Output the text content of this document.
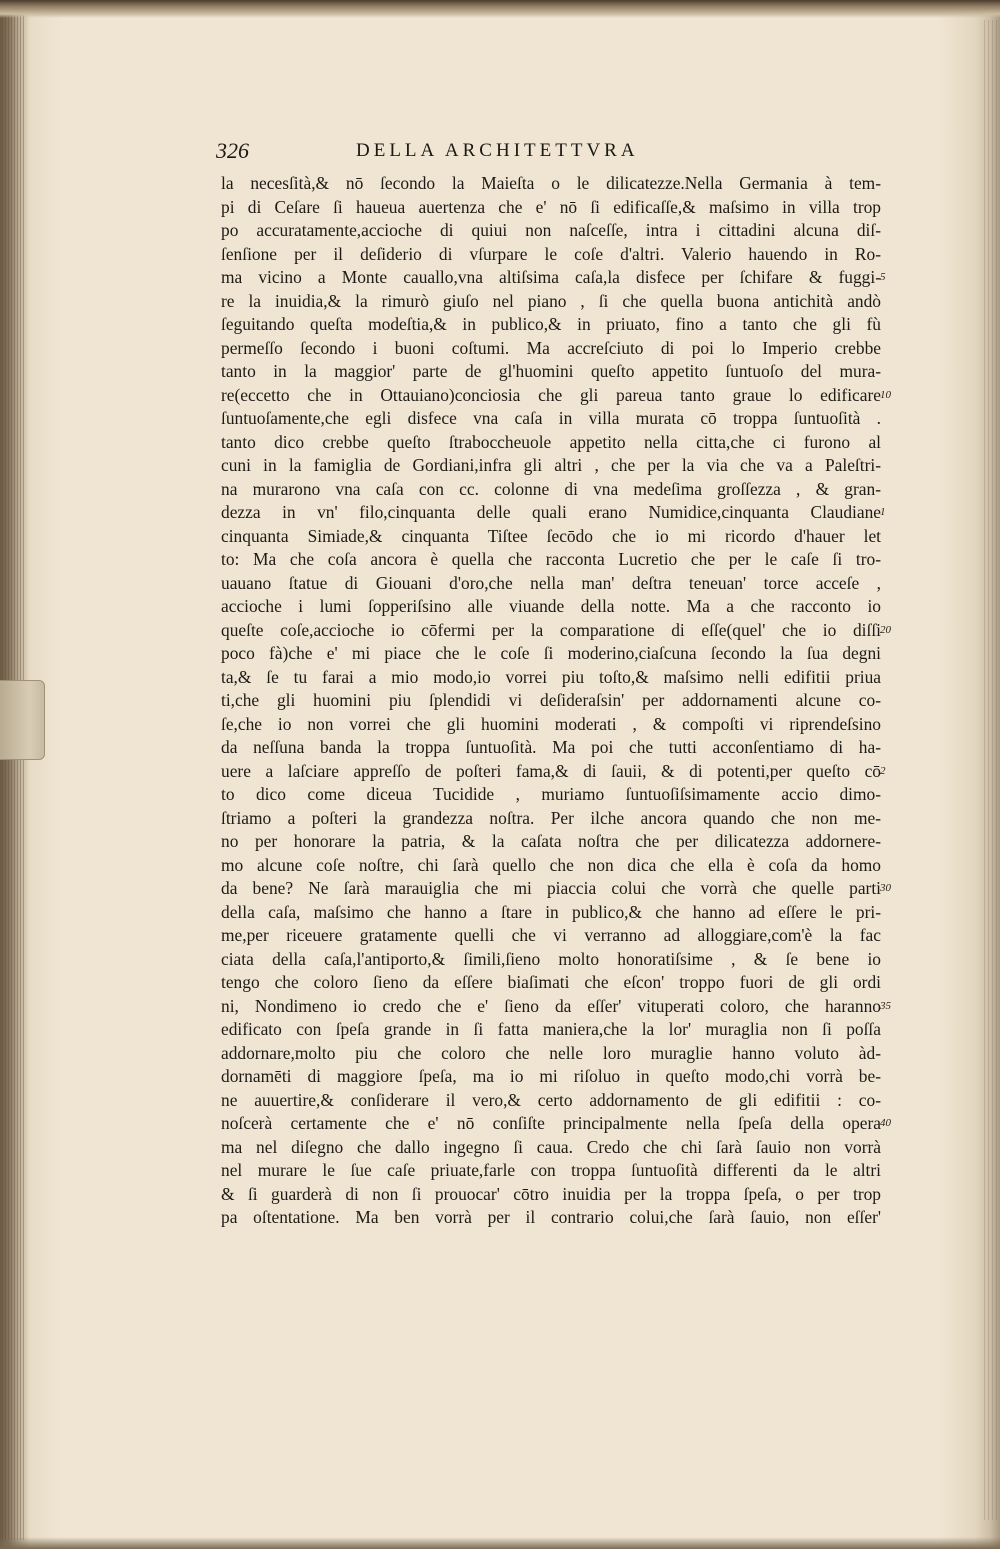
326	DELLA ARCHITETTVRA
la necesſità,& nō ſecondo la Maieſta o le dilicatezze.Nella Germania à tem-
pi di Ceſare ſi haueua auertenza che e' nō ſi edificaſſe,& maſsimo in villa trop
po accuratamente,accioche di quiui non naſceſſe, intra i cittadini alcuna diſ-
ſenſione per il deſiderio di vſurpare le coſe d'altri. Valerio hauendo in Ro-
ma vicino a Monte cauallo,vna altiſsima caſa,la disfece per ſchifare & fuggi-
re la inuidia,& la rimurò giuſo nel piano , ſi che quella buona antichità andò
ſeguitando queſta modeſtia,& in publico,& in priuato, fino a tanto che gli fù
permeſſo ſecondo i buoni coſtumi. Ma accreſciuto di poi lo Imperio crebbe
tanto in la maggior' parte de gl'huomini queſto appetito ſuntuoſo del mura-
re(eccetto che in Ottauiano)conciosia che gli pareua tanto graue lo edificare
ſuntuoſamente,che egli disfece vna caſa in villa murata cō troppa ſuntuoſità .
tanto dico crebbe queſto ſtraboccheuole appetito nella citta,che ci furono al
cuni in la famiglia de Gordiani,infra gli altri , che per la via che va a Paleſtri-
na murarono vna caſa con cc. colonne di vna medeſima groſſezza , & gran-
dezza in vn' filo,cinquanta delle quali erano Numidice,cinquanta Claudiane
cinquanta Simiade,& cinquanta Tiſtee ſecōdo che io mi ricordo d'hauer let
to: Ma che coſa ancora è quella che racconta Lucretio che per le caſe ſi tro-
uauano ſtatue di Giouani d'oro,che nella man' deſtra teneuan' torce acceſe ,
accioche i lumi ſopperiſsino alle viuande della notte. Ma a che racconto io
queſte coſe,accioche io cōfermi per la comparatione di eſſe(quel' che io diſſi
poco fà)che e' mi piace che le coſe ſi moderino,ciaſcuna ſecondo la ſua degni
ta,& ſe tu farai a mio modo,io vorrei piu toſto,& maſsimo nelli edifitii priua
ti,che gli huomini piu ſplendidi vi deſideraſsin' per addornamenti alcune co-
ſe,che io non vorrei che gli huomini moderati , & compoſti vi riprendeſsino
da neſſuna banda la troppa ſuntuoſità. Ma poi che tutti acconſentiamo di ha-
uere a laſciare appreſſo de poſteri fama,& di ſauii, & di potenti,per queſto cō
to dico come diceua Tucidide , muriamo ſuntuoſiſsimamente accio dimo-
ſtriamo a poſteri la grandezza noſtra. Per ilche ancora quando che non me-
no per honorare la patria, & la caſata noſtra che per dilicatezza addornere-
mo alcune coſe noſtre, chi ſarà quello che non dica che ella è coſa da homo
da bene? Ne ſarà marauiglia che mi piaccia colui che vorrà che quelle parti
della caſa, maſsimo che hanno a ſtare in publico,& che hanno ad eſſere le pri-
me,per riceuere gratamente quelli che vi verranno ad alloggiare,com'è la fac
ciata della caſa,l'antiporto,& ſimili,ſieno molto honoratiſsime , & ſe bene io
tengo che coloro ſieno da eſſere biaſimati che eſcon' troppo fuori de gli ordi
ni, Nondimeno io credo che e' ſieno da eſſer' vituperati coloro, che haranno
edificato con ſpeſa grande in ſi fatta maniera,che la lor' muraglia non ſi poſſa
addornare,molto piu che coloro che nelle loro muraglie hanno voluto àd-
dornamēti di maggiore ſpeſa, ma io mi riſoluo in queſto modo,chi vorrà be-
ne auuertire,& conſiderare il vero,& certo addornamento de gli edifitii : co-
noſcerà certamente che e' nō conſiſte principalmente nella ſpeſa della opera
ma nel diſegno che dallo ingegno ſi caua. Credo che chi ſarà ſauio non vorrà
nel murare le ſue caſe priuate,farle con troppa ſuntuoſità differenti da le altri
& ſi guarderà di non ſi prouocar' cōtro inuidia per la troppa ſpeſa, o per trop
pa oſtentatione. Ma ben vorrà per il contrario colui,che ſarà ſauio, non eſſer'
5
10
1
20
2
30
35
40
